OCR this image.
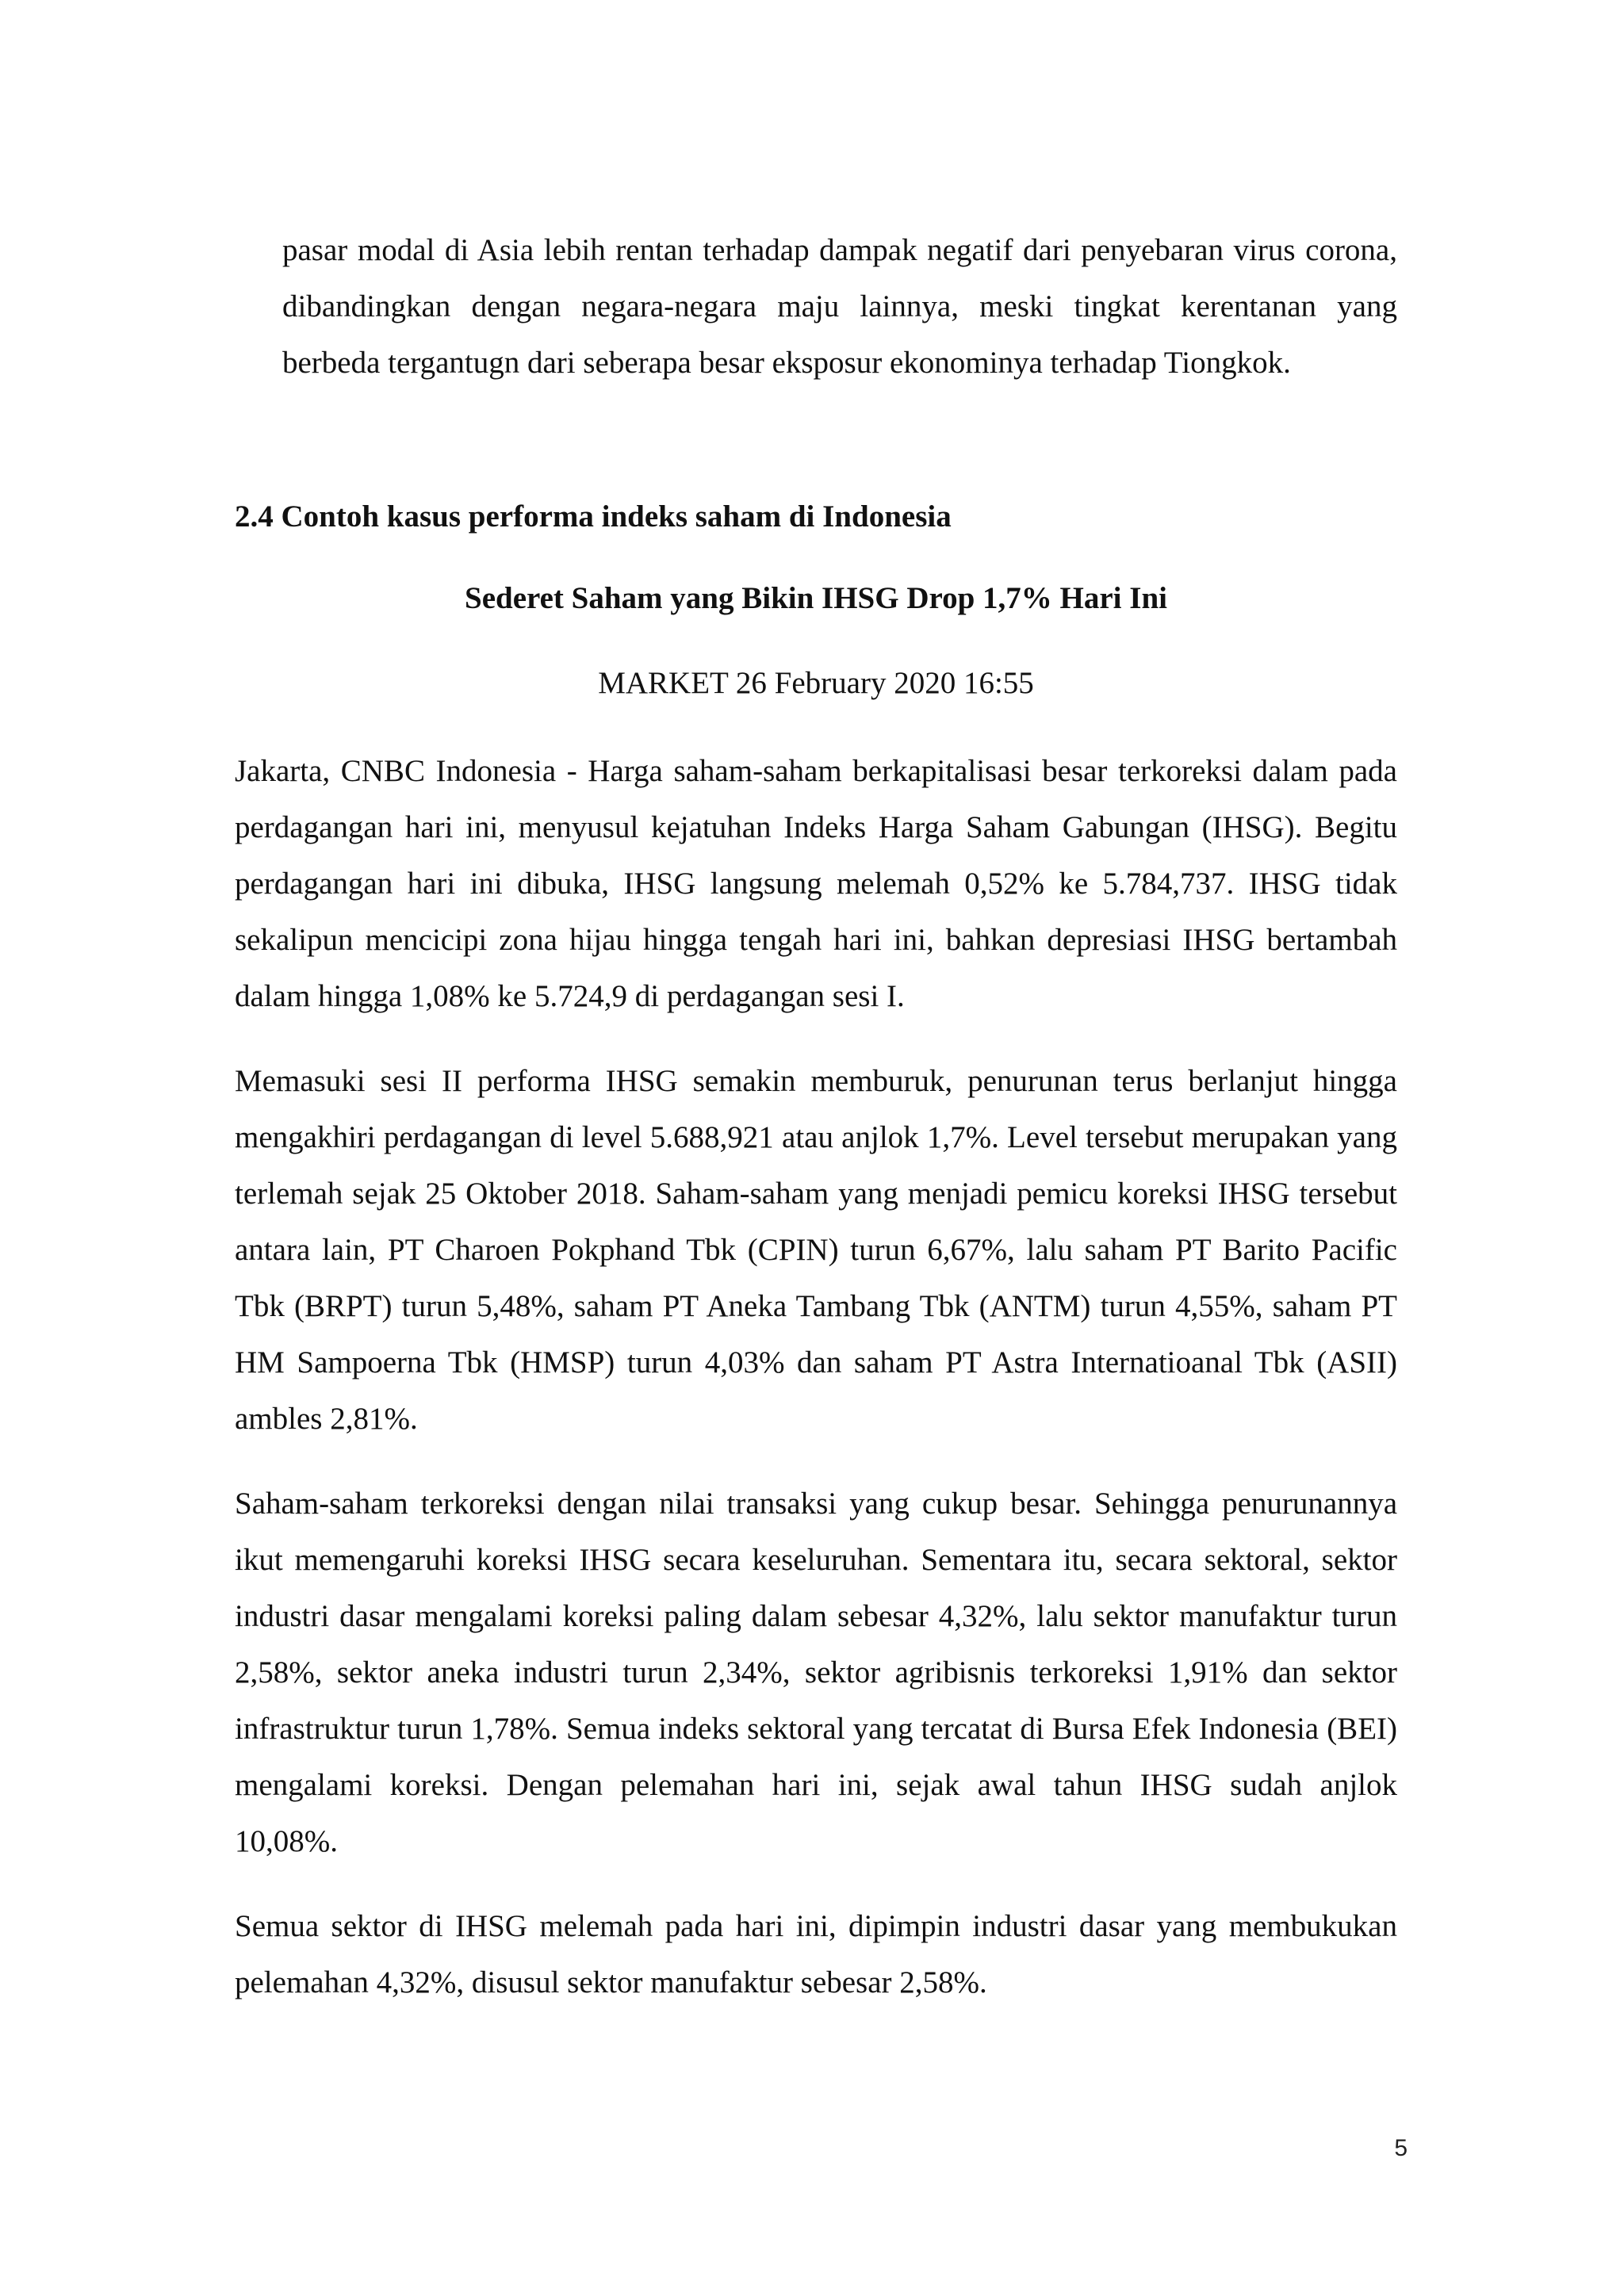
pasar modal di Asia lebih rentan terhadap dampak negatif dari penyebaran virus corona, dibandingkan dengan negara-negara maju lainnya, meski tingkat kerentanan yang berbeda tergantugn dari seberapa besar eksposur ekonominya terhadap Tiongkok.

2.4 Contoh kasus performa indeks saham di Indonesia
Sederet Saham yang Bikin IHSG Drop 1,7% Hari Ini
MARKET 26 February 2020 16:55

Jakarta, CNBC Indonesia - Harga saham-saham berkapitalisasi besar terkoreksi dalam pada perdagangan hari ini, menyusul kejatuhan Indeks Harga Saham Gabungan (IHSG). Begitu perdagangan hari ini dibuka, IHSG langsung melemah 0,52% ke 5.784,737. IHSG tidak sekalipun mencicipi zona hijau hingga tengah hari ini, bahkan depresiasi IHSG bertambah dalam hingga 1,08% ke 5.724,9 di perdagangan sesi I.

Memasuki sesi II performa IHSG semakin memburuk, penurunan terus berlanjut hingga mengakhiri perdagangan di level 5.688,921 atau anjlok 1,7%. Level tersebut merupakan yang terlemah sejak 25 Oktober 2018. Saham-saham yang menjadi pemicu koreksi IHSG tersebut antara lain, PT Charoen Pokphand Tbk (CPIN) turun 6,67%, lalu saham PT Barito Pacific Tbk (BRPT) turun 5,48%, saham PT Aneka Tambang Tbk (ANTM) turun 4,55%, saham PT HM Sampoerna Tbk (HMSP) turun 4,03% dan saham PT Astra Internatioanal Tbk (ASII) ambles 2,81%.

Saham-saham terkoreksi dengan nilai transaksi yang cukup besar. Sehingga penurunannya ikut memengaruhi koreksi IHSG secara keseluruhan. Sementara itu, secara sektoral, sektor industri dasar mengalami koreksi paling dalam sebesar 4,32%, lalu sektor manufaktur turun 2,58%, sektor aneka industri turun 2,34%, sektor agribisnis terkoreksi 1,91% dan sektor infrastruktur turun 1,78%. Semua indeks sektoral yang tercatat di Bursa Efek Indonesia (BEI) mengalami koreksi. Dengan pelemahan hari ini, sejak awal tahun IHSG sudah anjlok 10,08%.

Semua sektor di IHSG melemah pada hari ini, dipimpin industri dasar yang membukukan pelemahan 4,32%, disusul sektor manufaktur sebesar 2,58%.

5
